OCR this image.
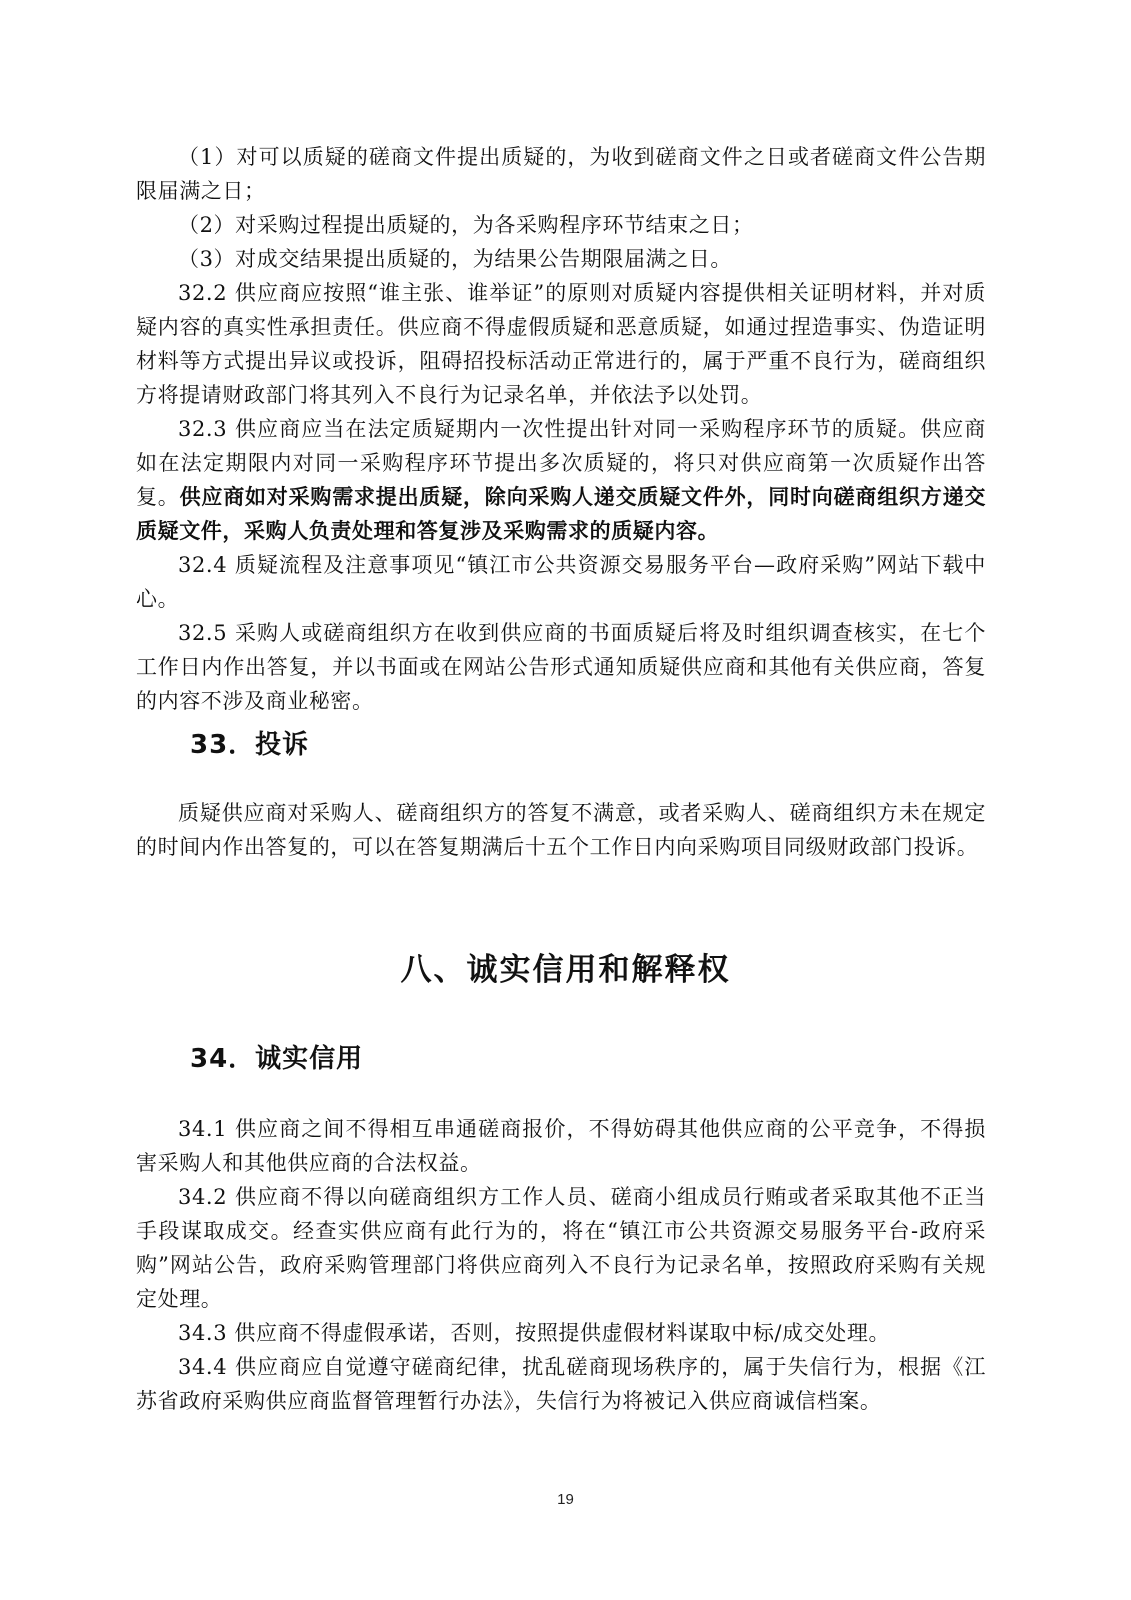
（1）对可以质疑的磋商文件提出质疑的，为收到磋商文件之日或者磋商文件公告期限届满之日；

（2）对采购过程提出质疑的，为各采购程序环节结束之日；

（3）对成交结果提出质疑的，为结果公告期限届满之日。

32.2 供应商应按照“谁主张、谁举证”的原则对质疑内容提供相关证明材料，并对质疑内容的真实性承担责任。供应商不得虚假质疑和恶意质疑，如通过捏造事实、伪造证明材料等方式提出异议或投诉，阻碍招投标活动正常进行的，属于严重不良行为，磋商组织方将提请财政部门将其列入不良行为记录名单，并依法予以处罚。

32.3 供应商应当在法定质疑期内一次性提出针对同一采购程序环节的质疑。供应商如在法定期限内对同一采购程序环节提出多次质疑的，将只对供应商第一次质疑作出答复。供应商如对采购需求提出质疑，除向采购人递交质疑文件外，同时向磋商组织方递交质疑文件，采购人负责处理和答复涉及采购需求的质疑内容。

32.4 质疑流程及注意事项见“镇江市公共资源交易服务平台—政府采购”网站下载中心。

32.5 采购人或磋商组织方在收到供应商的书面质疑后将及时组织调查核实，在七个工作日内作出答复，并以书面或在网站公告形式通知质疑供应商和其他有关供应商，答复的内容不涉及商业秘密。

33．投诉

质疑供应商对采购人、磋商组织方的答复不满意，或者采购人、磋商组织方未在规定的时间内作出答复的，可以在答复期满后十五个工作日内向采购项目同级财政部门投诉。

八、诚实信用和解释权
34．诚实信用

34.1 供应商之间不得相互串通磋商报价，不得妨碍其他供应商的公平竞争，不得损害采购人和其他供应商的合法权益。

34.2 供应商不得以向磋商组织方工作人员、磋商小组成员行贿或者采取其他不正当手段谋取成交。经查实供应商有此行为的，将在“镇江市公共资源交易服务平台-政府采购”网站公告，政府采购管理部门将供应商列入不良行为记录名单，按照政府采购有关规定处理。

34.3 供应商不得虚假承诺，否则，按照提供虚假材料谋取中标/成交处理。

34.4 供应商应自觉遵守磋商纪律，扰乱磋商现场秩序的，属于失信行为，根据《江苏省政府采购供应商监督管理暂行办法》，失信行为将被记入供应商诚信档案。

19
